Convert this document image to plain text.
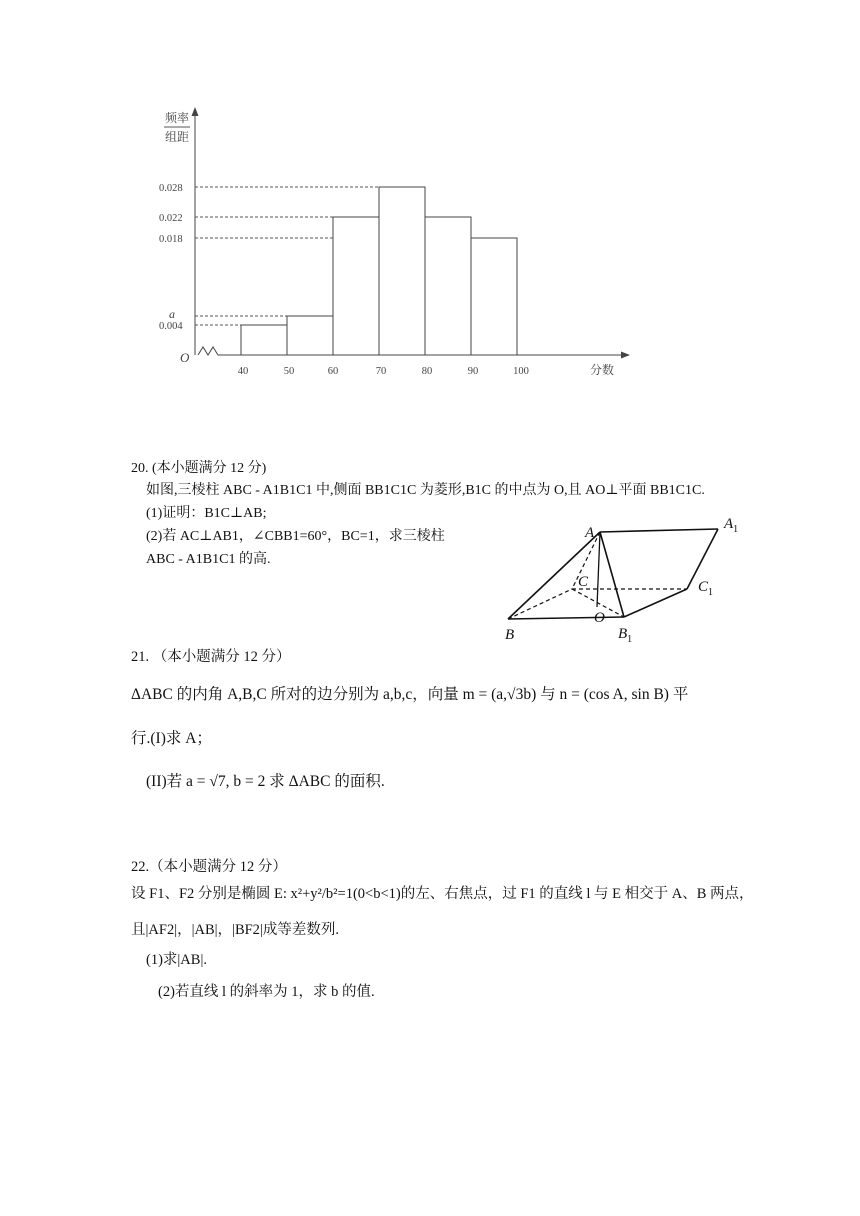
频率
组距
O
0.028
0.022
0.018
a
0.004
40	50	60	70	80	90	100	分数
20. (本小题满分 12 分)
如图,三棱柱 ABC - A1B1C1 中,侧面 BB1C1C 为菱形,B1C 的中点为 O,且 AO⊥平面 BB1C1C.
(1)证明：B1C⊥AB;
(2)若 AC⊥AB1，∠CBB1=60°，BC=1，求三棱柱
ABC - A1B1C1 的高.
A
$A_1$
C	$C_1$
O
B	$B_1$
21. （本小题满分 12 分）
ΔABC 的内角 A,B,C 所对的边分别为 a,b,c，向量 m = (a,√3b) 与 n = (cos A, sin B) 平
行.(I)求 A；
(II)若 a = √7, b = 2 求 ΔABC 的面积.
22.（本小题满分 12 分）
设 F1、F2 分别是椭圆 E: x²+y²/b²=1(0<b<1)的左、右焦点，过 F1 的直线 l 与 E 相交于 A、B 两点，
且|AF2|，|AB|，|BF2|成等差数列.
(1)求|AB|.
(2)若直线 l 的斜率为 1，求 b 的值.
